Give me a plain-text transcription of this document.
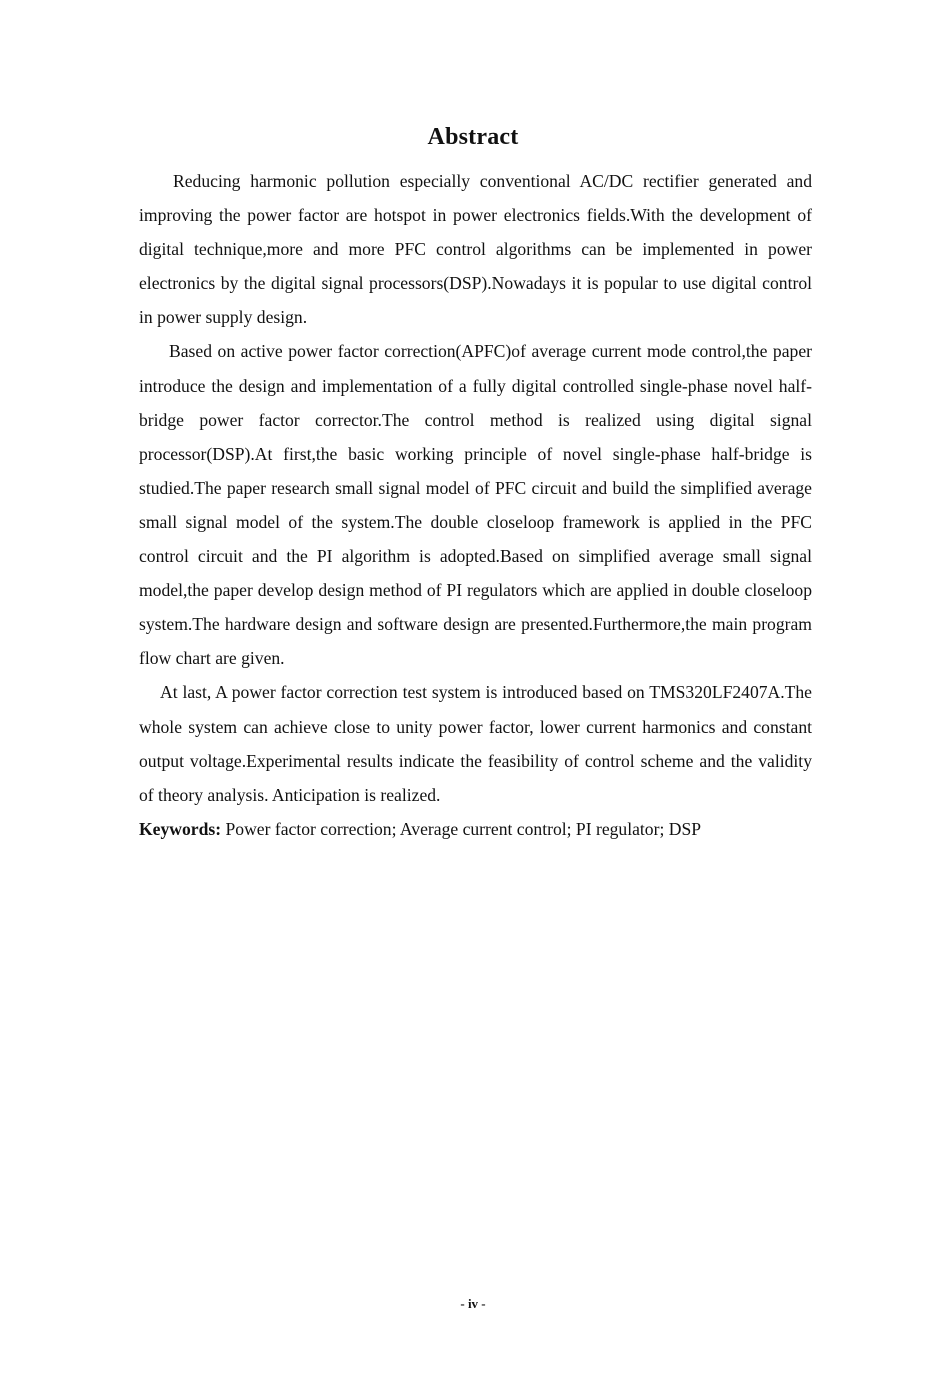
Abstract

Reducing harmonic pollution especially conventional AC/DC rectifier generated and improving the power factor are hotspot in power electronics fields.With the development of digital technique,more and more PFC control algorithms can be implemented in power electronics by the digital signal processors(DSP).Nowadays it is popular to use digital control in power supply design.

Based on active power factor correction(APFC)of average current mode control,the paper introduce the design and implementation of a fully digital controlled single-phase novel half-bridge power factor corrector.The control method is realized using digital signal processor(DSP).At first,the basic working principle of novel single-phase half-bridge is studied.The paper research small signal model of PFC circuit and build the simplified average small signal model of the system.The double closeloop framework is applied in the PFC control circuit and the PI algorithm is adopted.Based on simplified average small signal model,the paper develop design method of PI regulators which are applied in double closeloop system.The hardware design and software design are presented.Furthermore,the main program flow chart are given.

At last, A power factor correction test system is introduced based on TMS320LF2407A.The whole system can achieve close to unity power factor, lower current harmonics and constant output voltage.Experimental results indicate the feasibility of control scheme and the validity of theory analysis. Anticipation is realized.

Keywords: Power factor correction; Average current control; PI regulator; DSP

- iv -
